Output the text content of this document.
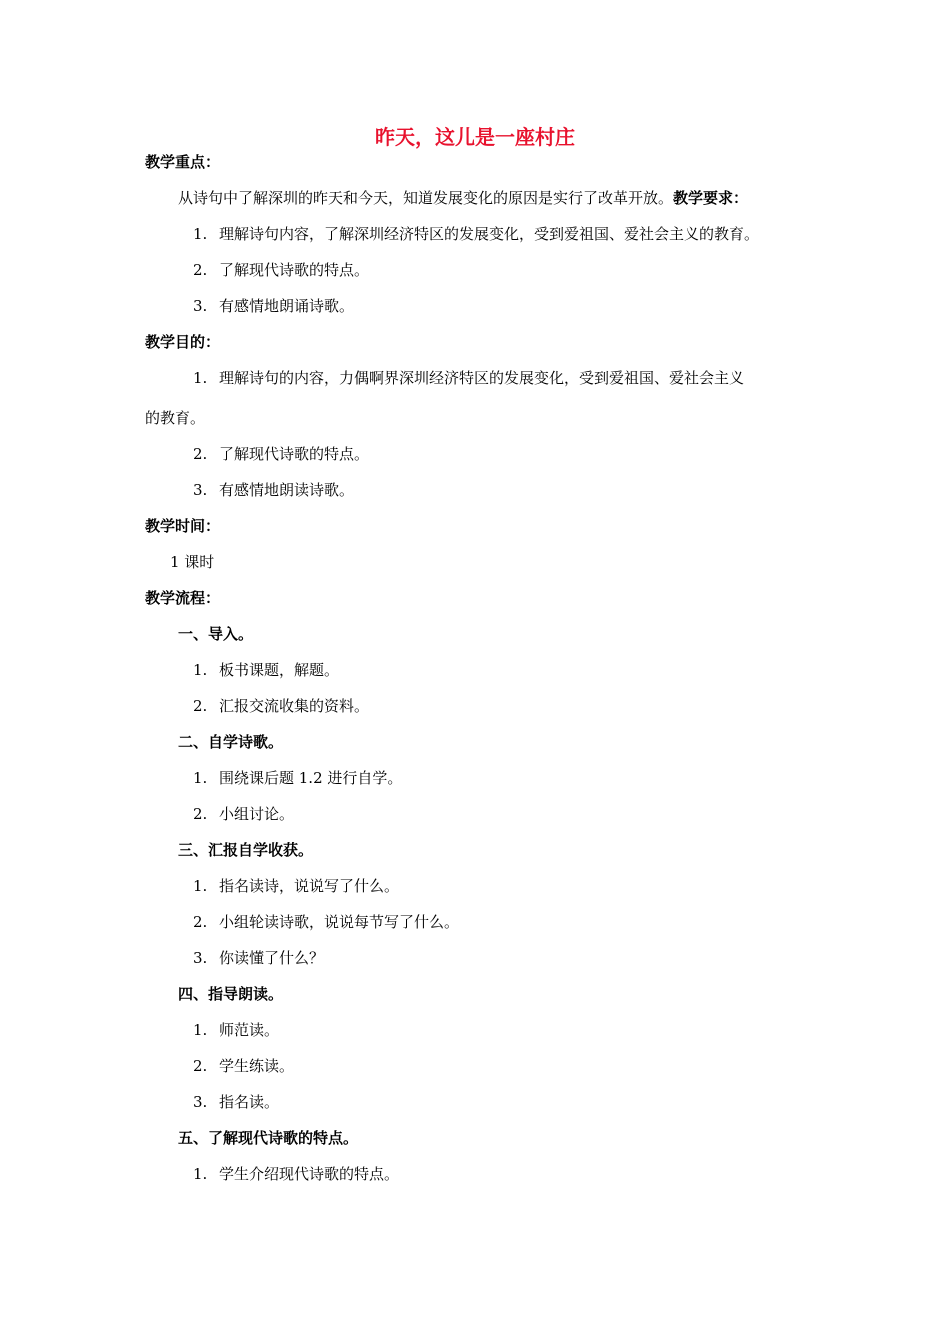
昨天，这儿是一座村庄
教学重点：
从诗句中了解深圳的昨天和今天，知道发展变化的原因是实行了改革开放。教学要求：
1. 理解诗句内容，了解深圳经济特区的发展变化，受到爱祖国、爱社会主义的教育。
2. 了解现代诗歌的特点。
3. 有感情地朗诵诗歌。
教学目的：
1. 理解诗句的内容，力偶啊界深圳经济特区的发展变化，受到爱祖国、爱社会主义
的教育。
2. 了解现代诗歌的特点。
3. 有感情地朗读诗歌。
教学时间：
1 课时
教学流程：
一、导入。
1. 板书课题，解题。
2. 汇报交流收集的资料。
二、自学诗歌。
1. 围绕课后题 1.2 进行自学。
2. 小组讨论。
三、汇报自学收获。
1. 指名读诗，说说写了什么。
2. 小组轮读诗歌，说说每节写了什么。
3. 你读懂了什么？
四、指导朗读。
1. 师范读。
2. 学生练读。
3. 指名读。
五、了解现代诗歌的特点。
1. 学生介绍现代诗歌的特点。
